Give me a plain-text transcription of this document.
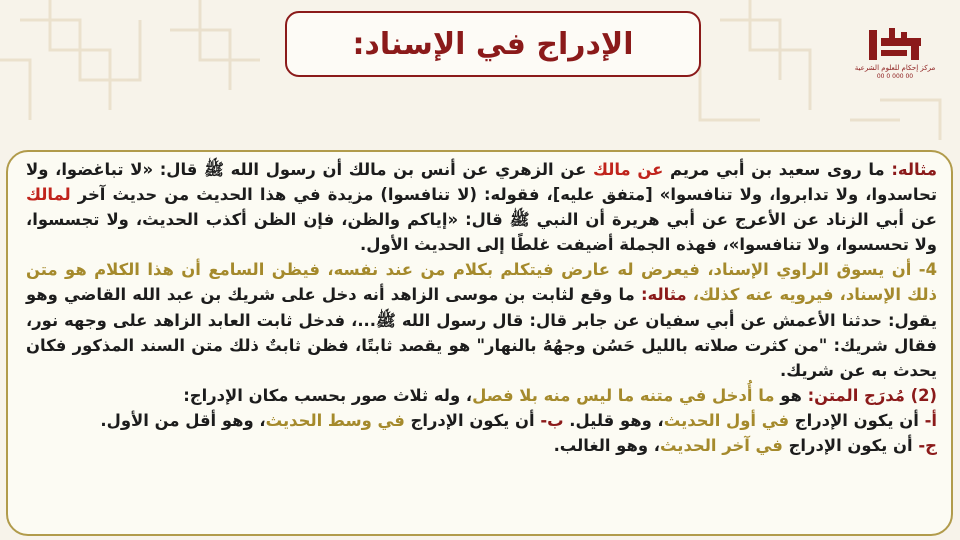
الإدراج في الإسناد:
مركز إحكام للعلوم الشرعية
00 0 000 00

مثاله: ما روى سعيد بن أبي مريم عن مالك عن الزهري عن أنس بن مالك أن رسول الله ﷺ قال: «لا تباغضوا، ولا تحاسدوا، ولا تدابروا، ولا تنافسوا» [متفق عليه]، فقوله: (لا تنافسوا) مزيدة في هذا الحديث من حديث آخر لمالك عن أبي الزناد عن الأعرج عن أبي هريرة أن النبي ﷺ قال: «إياكم والظن، فإن الظن أكذب الحديث، ولا تجسسوا، ولا تحسسوا، ولا تنافسوا»، فهذه الجملة أضيفت غلطًا إلى الحديث الأول.

4- أن يسوق الراوي الإسناد، فيعرض له عارض فيتكلم بكلام من عند نفسه، فيظن السامع أن هذا الكلام هو متن ذلك الإسناد، فيرويه عنه كذلك، مثاله: ما وقع لثابت بن موسى الزاهد أنه دخل على شريك بن عبد الله القاضي وهو يقول: حدثنا الأعمش عن أبي سفيان عن جابر قال: قال رسول الله ﷺ...، فدخل ثابت العابد الزاهد على وجهه نور، فقال شريك: "من كثرت صلاته بالليل حَسُن وجهُهُ بالنهار" هو يقصد ثابتًا، فظن ثابتٌ ذلك متن السند المذكور فكان يحدث به عن شريك.

(2) مُدرَج المتن: هو ما أُدخل في متنه ما ليس منه بلا فصل، وله ثلاث صور بحسب مكان الإدراج:

أ- أن يكون الإدراج في أول الحديث، وهو قليل. ب- أن يكون الإدراج في وسط الحديث، وهو أقل من الأول.

ج- أن يكون الإدراج في آخر الحديث، وهو الغالب.
